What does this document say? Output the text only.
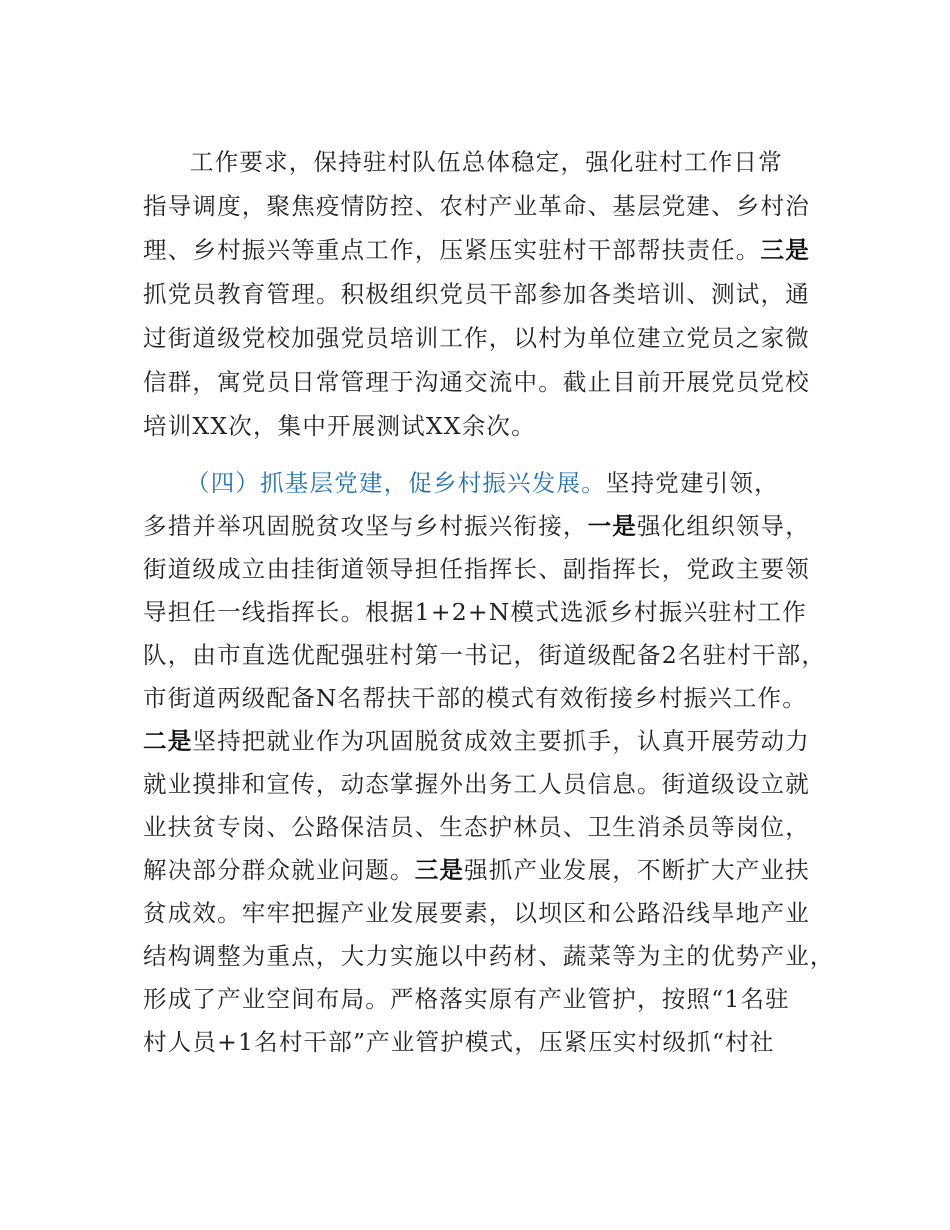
工作要求，保持驻村队伍总体稳定，强化驻村工作日常
指导调度，聚焦疫情防控、农村产业革命、基层党建、乡村治
理、乡村振兴等重点工作，压紧压实驻村干部帮扶责任。三是
抓党员教育管理。积极组织党员干部参加各类培训、测试，通
过街道级党校加强党员培训工作，以村为单位建立党员之家微
信群，寓党员日常管理于沟通交流中。截止目前开展党员党校
培训XX次，集中开展测试XX余次。
（四）抓基层党建，促乡村振兴发展。坚持党建引领，
多措并举巩固脱贫攻坚与乡村振兴衔接，一是强化组织领导，
街道级成立由挂街道领导担任指挥长、副指挥长，党政主要领
导担任一线指挥长。根据1+2+N模式选派乡村振兴驻村工作
队，由市直选优配强驻村第一书记，街道级配备2名驻村干部，
市街道两级配备N名帮扶干部的模式有效衔接乡村振兴工作。
二是坚持把就业作为巩固脱贫成效主要抓手，认真开展劳动力
就业摸排和宣传，动态掌握外出务工人员信息。街道级设立就
业扶贫专岗、公路保洁员、生态护林员、卫生消杀员等岗位，
解决部分群众就业问题。三是强抓产业发展，不断扩大产业扶
贫成效。牢牢把握产业发展要素，以坝区和公路沿线旱地产业
结构调整为重点，大力实施以中药材、蔬菜等为主的优势产业，
形成了产业空间布局。严格落实原有产业管护，按照“1名驻
村人员+1名村干部”产业管护模式，压紧压实村级抓“村社
